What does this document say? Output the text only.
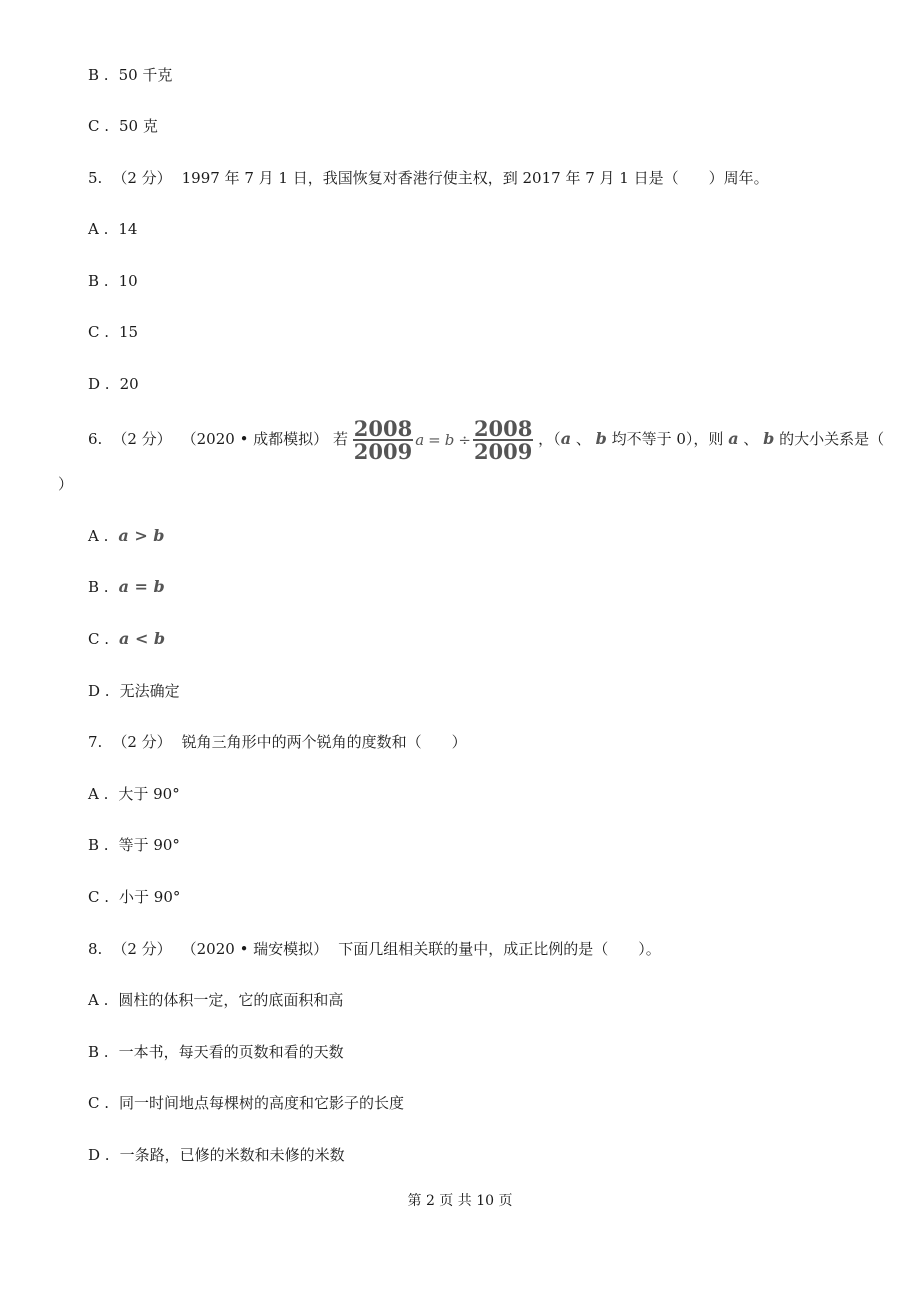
B . 50 千克
C . 50 克
5. （2 分） 1997 年 7 月 1 日，我国恢复对香港行使主权，到 2017 年 7 月 1 日是（　　）周年。
A . 14
B . 10
C . 15
D . 20
6. （2 分） （2020 • 成都模拟） 若 $\frac{2008}{2009}$ $a = b \div \frac{2008}{2009}$ ，（a 、 b 均不等于 0），则 a 、 b 的大小关系是（
）
A . a > b
B . a = b
C . a < b
D . 无法确定
7. （2 分） 锐角三角形中的两个锐角的度数和（　　）
A . 大于 90°
B . 等于 90°
C . 小于 90°
8. （2 分） （2020 • 瑞安模拟） 下面几组相关联的量中，成正比例的是（　　）。
A . 圆柱的体积一定，它的底面积和高
B . 一本书，每天看的页数和看的天数
C . 同一时间地点每棵树的高度和它影子的长度
D . 一条路，已修的米数和未修的米数
第 2 页 共 10 页
